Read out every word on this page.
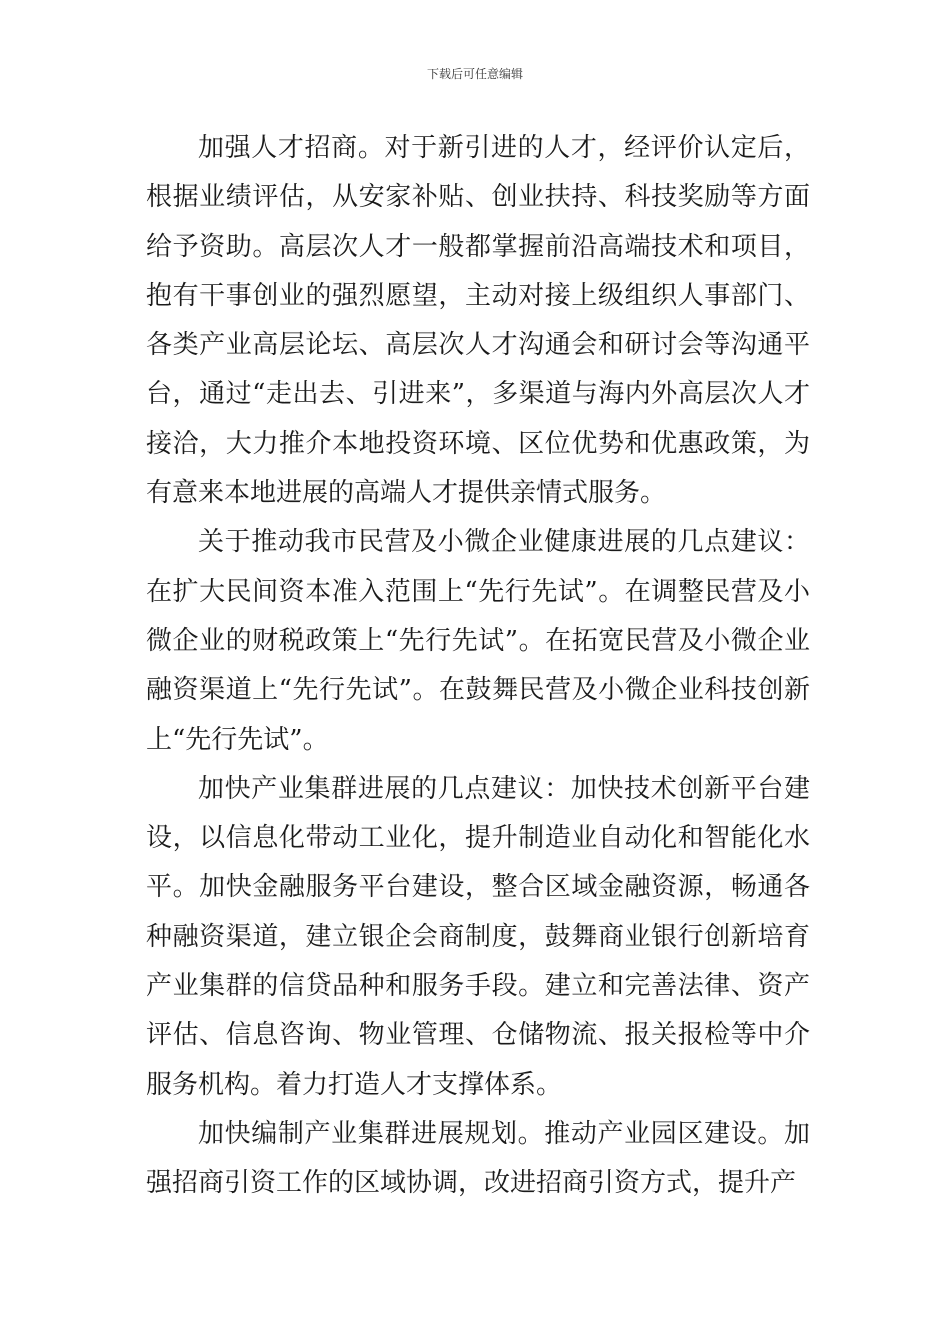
下载后可任意编辑

加强人才招商。对于新引进的人才，经评价认定后，根据业绩评估，从安家补贴、创业扶持、科技奖励等方面给予资助。高层次人才一般都掌握前沿高端技术和项目，抱有干事创业的强烈愿望，主动对接上级组织人事部门、各类产业高层论坛、高层次人才沟通会和研讨会等沟通平台，通过“走出去、引进来”，多渠道与海内外高层次人才接洽，大力推介本地投资环境、区位优势和优惠政策，为有意来本地进展的高端人才提供亲情式服务。

关于推动我市民营及小微企业健康进展的几点建议：在扩大民间资本准入范围上“先行先试”。在调整民营及小微企业的财税政策上“先行先试”。在拓宽民营及小微企业融资渠道上“先行先试”。在鼓舞民营及小微企业科技创新上“先行先试”。

加快产业集群进展的几点建议：加快技术创新平台建设，以信息化带动工业化，提升制造业自动化和智能化水平。加快金融服务平台建设，整合区域金融资源，畅通各种融资渠道，建立银企会商制度，鼓舞商业银行创新培育产业集群的信贷品种和服务手段。建立和完善法律、资产评估、信息咨询、物业管理、仓储物流、报关报检等中介服务机构。着力打造人才支撑体系。

加快编制产业集群进展规划。推动产业园区建设。加强招商引资工作的区域协调，改进招商引资方式，提升产
